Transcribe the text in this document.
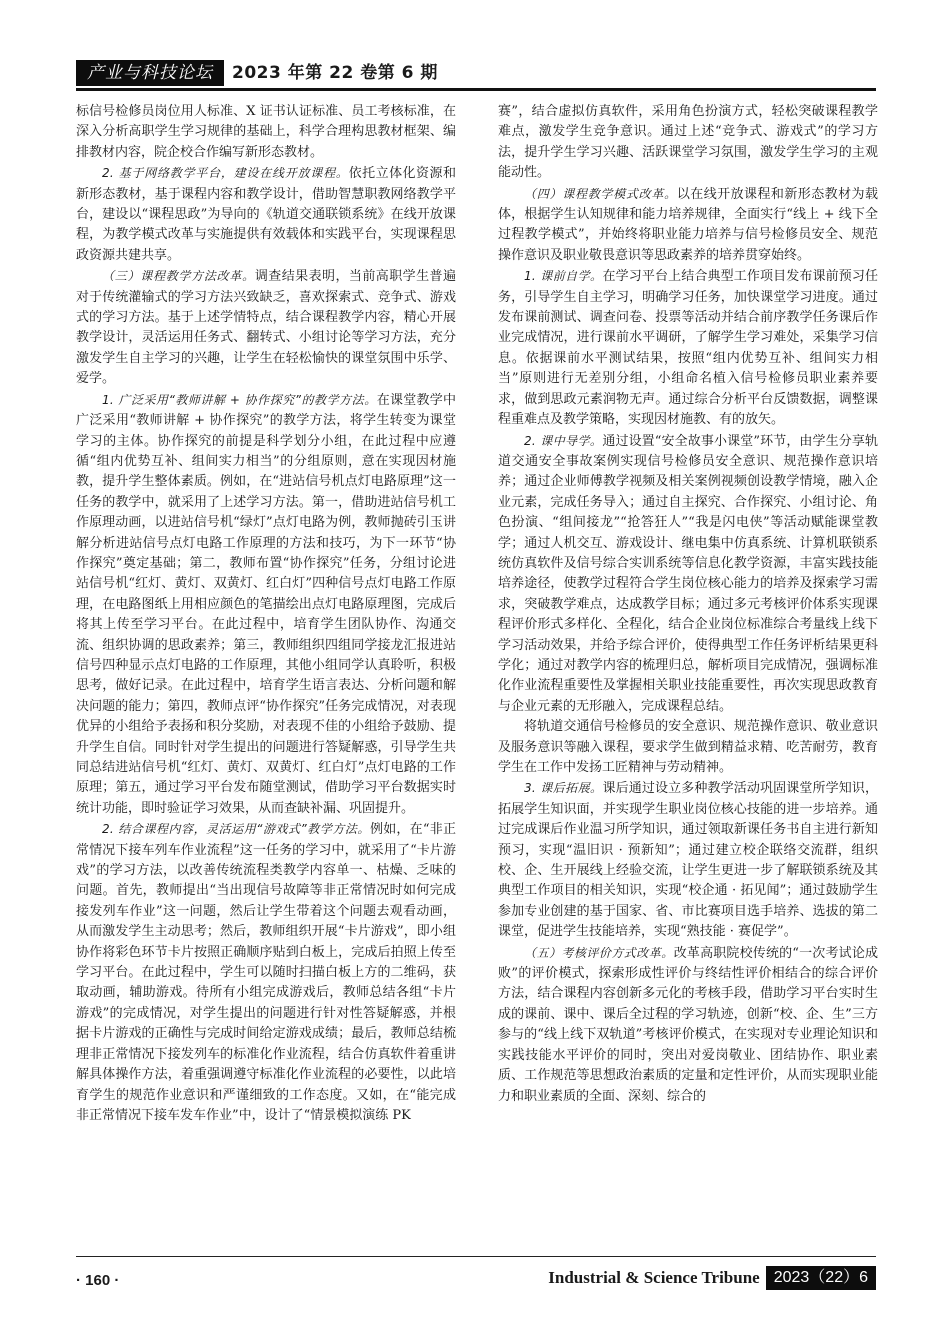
产业与科技论坛	2023 年第 22 卷第 6 期

标信号检修员岗位用人标准、X 证书认证标准、员工考核标准，在深入分析高职学生学习规律的基础上，科学合理构思教材框架、编排教材内容，院企校合作编写新形态教材。

2. 基于网络教学平台，建设在线开放课程。依托立体化资源和新形态教材，基于课程内容和教学设计，借助智慧职教网络教学平台，建设以“课程思政”为导向的《轨道交通联锁系统》在线开放课程，为教学模式改革与实施提供有效载体和实践平台，实现课程思政资源共建共享。

（三）课程教学方法改革。调查结果表明，当前高职学生普遍对于传统灌输式的学习方法兴致缺乏，喜欢探索式、竞争式、游戏式的学习方法。基于上述学情特点，结合课程教学内容，精心开展教学设计，灵活运用任务式、翻转式、小组讨论等学习方法，充分激发学生自主学习的兴趣，让学生在轻松愉快的课堂氛围中乐学、爱学。

1. 广泛采用“教师讲解 + 协作探究”的教学方法。在课堂教学中广泛采用“教师讲解 + 协作探究”的教学方法，将学生转变为课堂学习的主体。协作探究的前提是科学划分小组，在此过程中应遵循“组内优势互补、组间实力相当”的分组原则，意在实现因材施教，提升学生整体素质。例如，在“进站信号机点灯电路原理”这一任务的教学中，就采用了上述学习方法。第一，借助进站信号机工作原理动画，以进站信号机“绿灯”点灯电路为例，教师抛砖引玉讲解分析进站信号点灯电路工作原理的方法和技巧，为下一环节“协作探究”奠定基础；第二，教师布置“协作探究”任务，分组讨论进站信号机“红灯、黄灯、双黄灯、红白灯”四种信号点灯电路工作原理，在电路图纸上用相应颜色的笔描绘出点灯电路原理图，完成后将其上传至学习平台。在此过程中，培育学生团队协作、沟通交流、组织协调的思政素养；第三，教师组织四组同学接龙汇报进站信号四种显示点灯电路的工作原理，其他小组同学认真聆听，积极思考，做好记录。在此过程中，培育学生语言表达、分析问题和解决问题的能力；第四，教师点评“协作探究”任务完成情况，对表现优异的小组给予表扬和积分奖励，对表现不佳的小组给予鼓励、提升学生自信。同时针对学生提出的问题进行答疑解惑，引导学生共同总结进站信号机“红灯、黄灯、双黄灯、红白灯”点灯电路的工作原理；第五，通过学习平台发布随堂测试，借助学习平台数据实时统计功能，即时验证学习效果，从而查缺补漏、巩固提升。

2. 结合课程内容，灵活运用“游戏式”教学方法。例如，在“非正常情况下接车列车作业流程”这一任务的学习中，就采用了“卡片游戏”的学习方法，以改善传统流程类教学内容单一、枯燥、乏味的问题。首先，教师提出“当出现信号故障等非正常情况时如何完成接发列车作业”这一问题，然后让学生带着这个问题去观看动画，从而激发学生主动思考；然后，教师组织开展“卡片游戏”，即小组协作将彩色环节卡片按照正确顺序贴到白板上，完成后拍照上传至学习平台。在此过程中，学生可以随时扫描白板上方的二维码，获取动画，辅助游戏。待所有小组完成游戏后，教师总结各组“卡片游戏”的完成情况，对学生提出的问题进行针对性答疑解惑，并根据卡片游戏的正确性与完成时间给定游戏成绩；最后，教师总结梳理非正常情况下接发列车的标准化作业流程，结合仿真软件着重讲解具体操作方法，着重强调遵守标准化作业流程的必要性，以此培育学生的规范作业意识和严谨细致的工作态度。又如，在“能完成非正常情况下接车发车作业”中，设计了“情景模拟演练 PK

赛”，结合虚拟仿真软件，采用角色扮演方式，轻松突破课程教学难点，激发学生竞争意识。通过上述“竞争式、游戏式”的学习方法，提升学生学习兴趣、活跃课堂学习氛围，激发学生学习的主观能动性。

（四）课程教学模式改革。以在线开放课程和新形态教材为载体，根据学生认知规律和能力培养规律，全面实行“线上 + 线下全过程教学模式”，并始终将职业能力培养与信号检修员安全、规范操作意识及职业敬畏意识等思政素养的培养贯穿始终。

1. 课前自学。在学习平台上结合典型工作项目发布课前预习任务，引导学生自主学习，明确学习任务，加快课堂学习进度。通过发布课前测试、调查问卷、投票等活动并结合前序教学任务课后作业完成情况，进行课前水平调研，了解学生学习难处，采集学习信息。依据课前水平测试结果，按照“组内优势互补、组间实力相当”原则进行无差别分组，小组命名植入信号检修员职业素养要求，做到思政元素润物无声。通过综合分析平台反馈数据，调整课程重难点及教学策略，实现因材施教、有的放矢。

2. 课中导学。通过设置“安全故事小课堂”环节，由学生分享轨道交通安全事故案例实现信号检修员安全意识、规范操作意识培养；通过企业师傅教学视频及相关案例视频创设教学情境，融入企业元素，完成任务导入；通过自主探究、合作探究、小组讨论、角色扮演、“组间接龙”“抢答狂人”“我是闪电侠”等活动赋能课堂教学；通过人机交互、游戏设计、继电集中仿真系统、计算机联锁系统仿真软件及信号综合实训系统等信息化教学资源，丰富实践技能培养途径，使教学过程符合学生岗位核心能力的培养及探索学习需求，突破教学难点，达成教学目标；通过多元考核评价体系实现课程评价形式多样化、全程化，结合企业岗位标准综合考量线上线下学习活动效果，并给予综合评价，使得典型工作任务评析结果更科学化；通过对教学内容的梳理归总，解析项目完成情况，强调标准化作业流程重要性及掌握相关职业技能重要性，再次实现思政教育与企业元素的无形融入，完成课程总结。

将轨道交通信号检修员的安全意识、规范操作意识、敬业意识及服务意识等融入课程，要求学生做到精益求精、吃苦耐劳，教育学生在工作中发扬工匠精神与劳动精神。

3. 课后拓展。课后通过设立多种教学活动巩固课堂所学知识，拓展学生知识面，并实现学生职业岗位核心技能的进一步培养。通过完成课后作业温习所学知识，通过领取新课任务书自主进行新知预习，实现“温旧识 · 预新知”；通过建立校企联络交流群，组织校、企、生开展线上经验交流，让学生更进一步了解联锁系统及其典型工作项目的相关知识，实现“校企通 · 拓见闻”；通过鼓励学生参加专业创建的基于国家、省、市比赛项目选手培养、选拔的第二课堂，促进学生技能培养，实现“熟技能 · 赛促学”。

（五）考核评价方式改革。改革高职院校传统的“一次考试论成败”的评价模式，探索形成性评价与终结性评价相结合的综合评价方法，结合课程内容创新多元化的考核手段，借助学习平台实时生成的课前、课中、课后全过程的学习轨迹，创新“校、企、生”三方参与的“线上线下双轨道”考核评价模式，在实现对专业理论知识和实践技能水平评价的同时，突出对爱岗敬业、团结协作、职业素质、工作规范等思想政治素质的定量和定性评价，从而实现职业能力和职业素质的全面、深刻、综合的

· 160 ·	Industrial & Science Tribune 2023（22）6
